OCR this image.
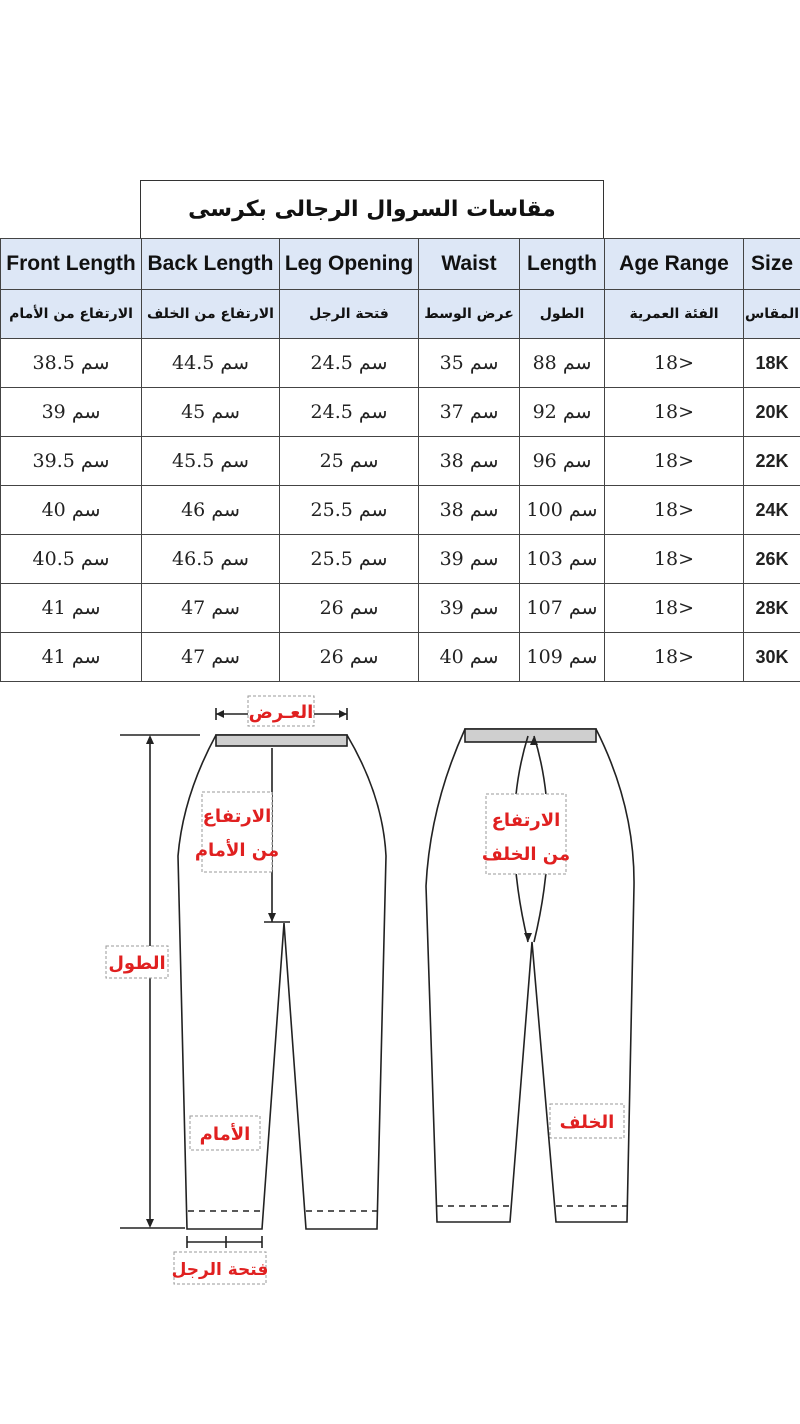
مقاسات السروال الرجالى بكرسى
Front Length	Back Length	Leg Opening	Waist	Length	Age Range	Size
الارتفاع من الأمام	الارتفاع من الخلف	فتحة الرجل	عرض الوسط	الطول	الفئة العمرية	المقاس
38.5 سم	44.5 سم	24.5 سم	35 سم	88 سم	18>	18K
39 سم	45 سم	24.5 سم	37 سم	92 سم	18>	20K
39.5 سم	45.5 سم	25 سم	38 سم	96 سم	18>	22K
40 سم	46 سم	25.5 سم	38 سم	100 سم	18>	24K
40.5 سم	46.5 سم	25.5 سم	39 سم	103 سم	18>	26K
41 سم	47 سم	26 سم	39 سم	107 سم	18>	28K
41 سم	47 سم	26 سم	40 سم	109 سم	18>	30K
العـرض
الارتفاع
من الأمام
الطول
الأمام
فتحة الرجل
الارتفاع
من الخلف
الخلف
